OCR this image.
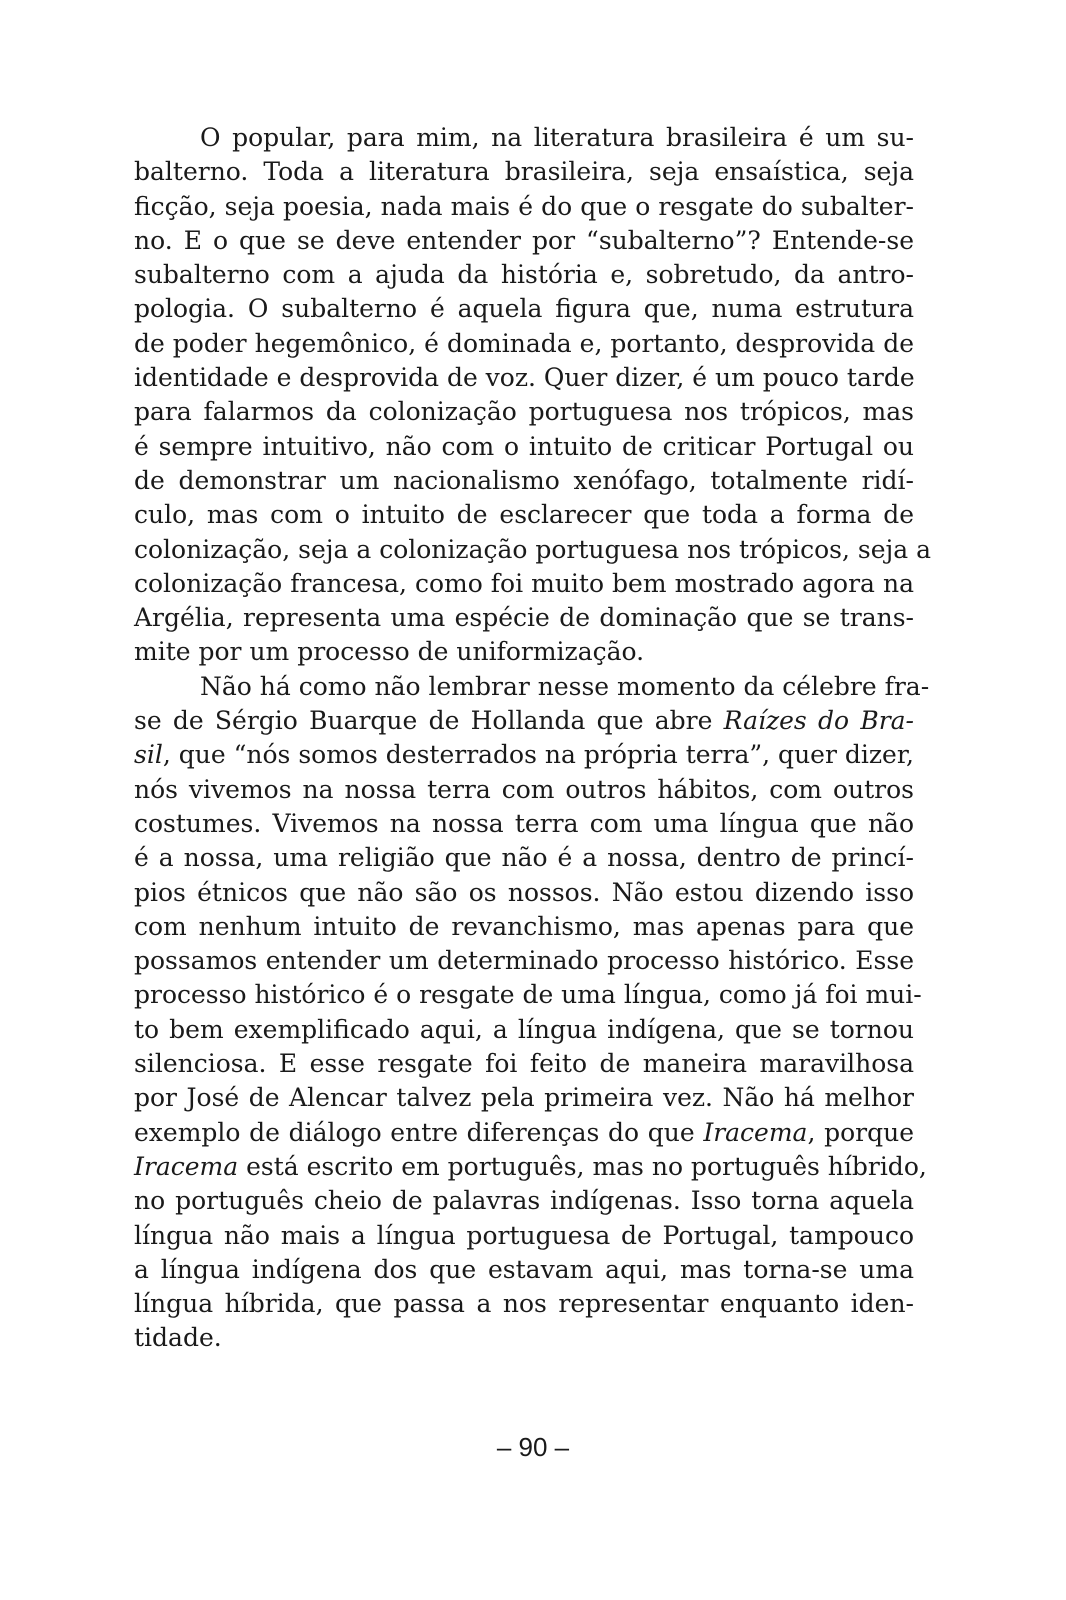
O popular, para mim, na literatura brasileira é um su-
balterno. Toda a literatura brasileira, seja ensaística, seja
ficção, seja poesia, nada mais é do que o resgate do subalter-
no. E o que se deve entender por “subalterno”? Entende-se
subalterno com a ajuda da história e, sobretudo, da antro-
pologia. O subalterno é aquela figura que, numa estrutura
de poder hegemônico, é dominada e, portanto, desprovida de
identidade e desprovida de voz. Quer dizer, é um pouco tarde
para falarmos da colonização portuguesa nos trópicos, mas
é sempre intuitivo, não com o intuito de criticar Portugal ou
de demonstrar um nacionalismo xenófago, totalmente ridí-
culo, mas com o intuito de esclarecer que toda a forma de
colonização, seja a colonização portuguesa nos trópicos, seja a
colonização francesa, como foi muito bem mostrado agora na
Argélia, representa uma espécie de dominação que se trans-
mite por um processo de uniformização.
Não há como não lembrar nesse momento da célebre fra-
se de Sérgio Buarque de Hollanda que abre Raízes do Bra-
sil, que “nós somos desterrados na própria terra”, quer dizer,
nós vivemos na nossa terra com outros hábitos, com outros
costumes. Vivemos na nossa terra com uma língua que não
é a nossa, uma religião que não é a nossa, dentro de princí-
pios étnicos que não são os nossos. Não estou dizendo isso
com nenhum intuito de revanchismo, mas apenas para que
possamos entender um determinado processo histórico. Esse
processo histórico é o resgate de uma língua, como já foi mui-
to bem exemplificado aqui, a língua indígena, que se tornou
silenciosa. E esse resgate foi feito de maneira maravilhosa
por José de Alencar talvez pela primeira vez. Não há melhor
exemplo de diálogo entre diferenças do que Iracema, porque
Iracema está escrito em português, mas no português híbrido,
no português cheio de palavras indígenas. Isso torna aquela
língua não mais a língua portuguesa de Portugal, tampouco
a língua indígena dos que estavam aqui, mas torna-se uma
língua híbrida, que passa a nos representar enquanto iden-
tidade.
– 90 –
